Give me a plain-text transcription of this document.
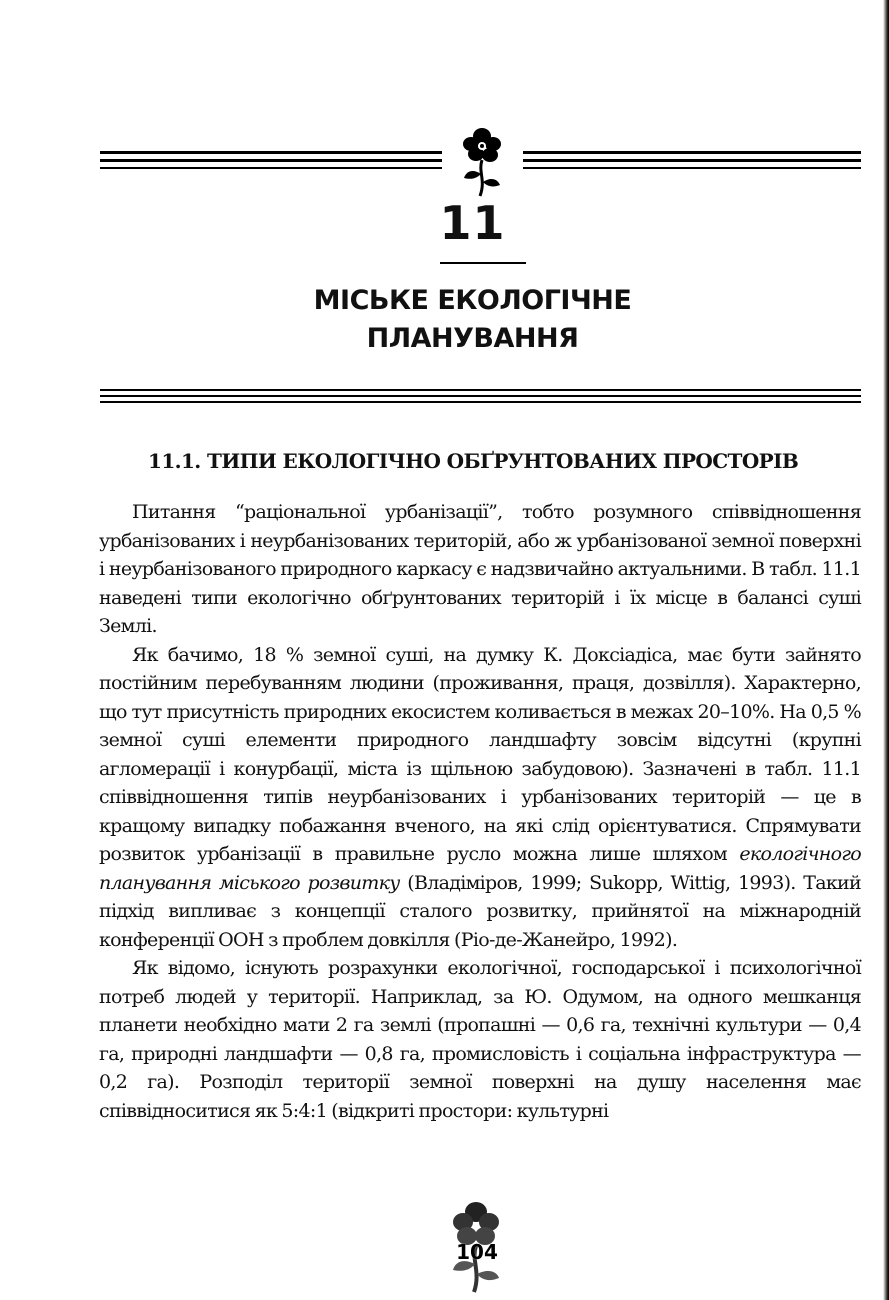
11
МІСЬКЕ ЕКОЛОГІЧНЕ
ПЛАНУВАННЯ
11.1. ТИПИ ЕКОЛОГІЧНО ОБҐРУНТОВАНИХ ПРОСТОРІВ

Питання “раціональної урбанізації”, тобто розумного співвідношення урбанізованих і неурбанізованих територій, або ж урбанізованої земної поверхні і неурбанізованого природного каркасу є надзвичайно актуальними. В табл. 11.1 наведені типи екологічно обґрунтованих територій і їх місце в балансі суші Землі.

Як бачимо, 18 % земної суші, на думку К. Доксіадіса, має бути зайнято постійним перебуванням людини (проживання, праця, дозвілля). Характерно, що тут присутність природних екосистем коливається в межах 20–10%. На 0,5 % земної суші елементи природного ландшафту зовсім відсутні (крупні агломерації і конурбації, міста із щільною забудовою). Зазначені в табл. 11.1 співвідношення типів неурбанізованих і урбанізованих територій — це в кращому випадку побажання вченого, на які слід орієнтуватися. Спрямувати розвиток урбанізації в правильне русло можна лише шляхом екологічного планування міського розвитку (Владіміров, 1999; Sukopp, Wittig, 1993). Такий підхід випливає з концепції сталого розвитку, прийнятої на міжнародній конференції ООН з проблем довкілля (Ріо-де-Жанейро, 1992).

Як відомо, існують розрахунки екологічної, господарської і психологічної потреб людей у території. Наприклад, за Ю. Одумом, на одного мешканця планети необхідно мати 2 га землі (пропашні — 0,6 га, технічні культури — 0,4 га, природні ландшафти — 0,8 га, промисловість і соціальна інфраструктура — 0,2 га). Розподіл території земної поверхні на душу населення має співвідноситися як 5:4:1 (відкриті простори: культурні

104
